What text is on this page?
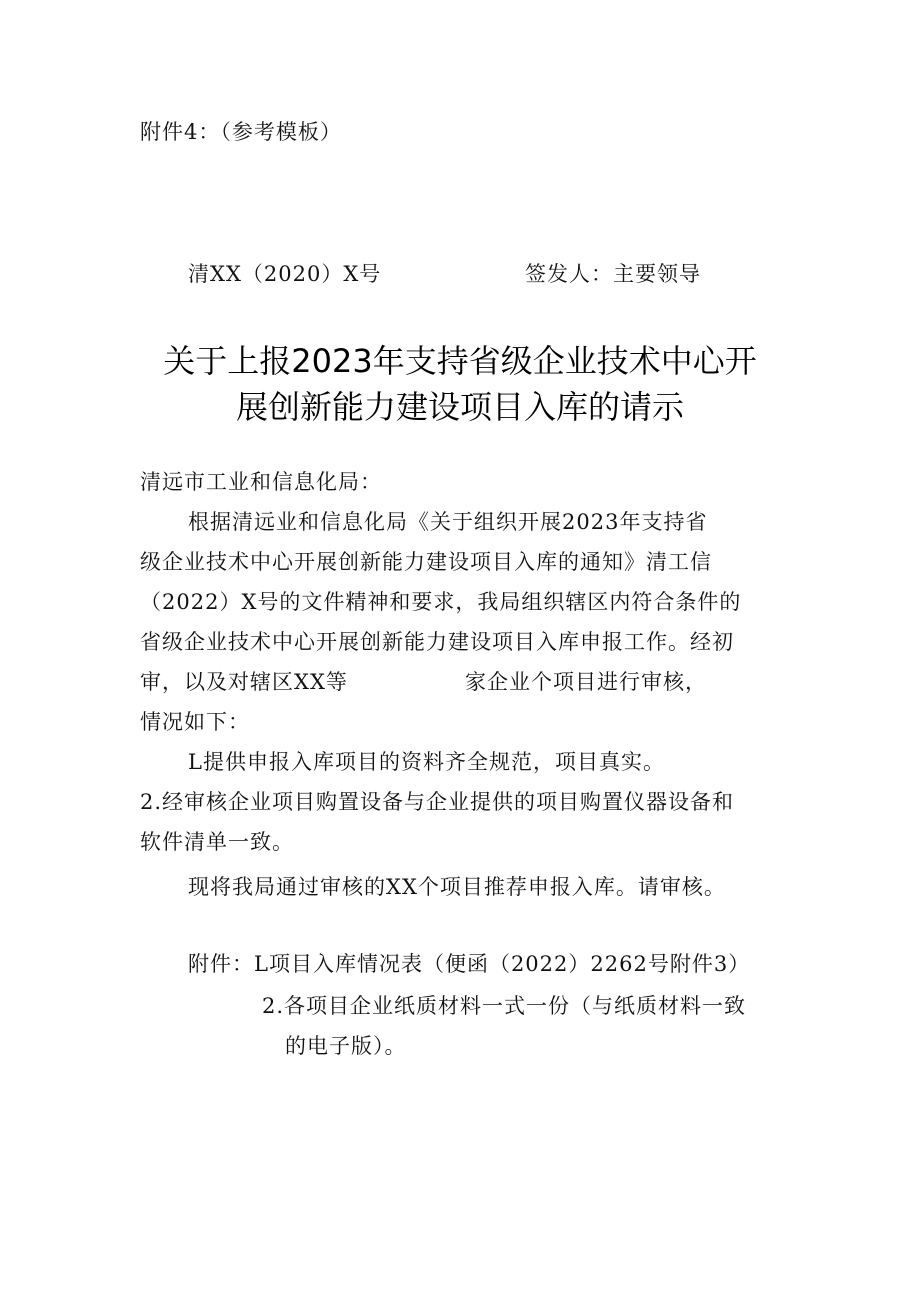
附件4：（参考模板）
清XX（2020）X号	签发人：主要领导
关于上报2023年支持省级企业技术中心开
展创新能力建设项目入库的请示
清远市工业和信息化局：
根据清远业和信息化局《关于组织开展2023年支持省
级企业技术中心开展创新能力建设项目入库的通知》清工信
（2022）X号的文件精神和要求，我局组织辖区内符合条件的
省级企业技术中心开展创新能力建设项目入库申报工作。经初
审，以及对辖区XX等	家企业个项目进行审核，
情况如下：
L提供申报入库项目的资料齐全规范，项目真实。
2.经审核企业项目购置设备与企业提供的项目购置仪器设备和
软件清单一致。
现将我局通过审核的XX个项目推荐申报入库。请审核。
附件：L项目入库情况表（便函（2022）2262号附件3）
2.各项目企业纸质材料一式一份（与纸质材料一致
的电子版）。
